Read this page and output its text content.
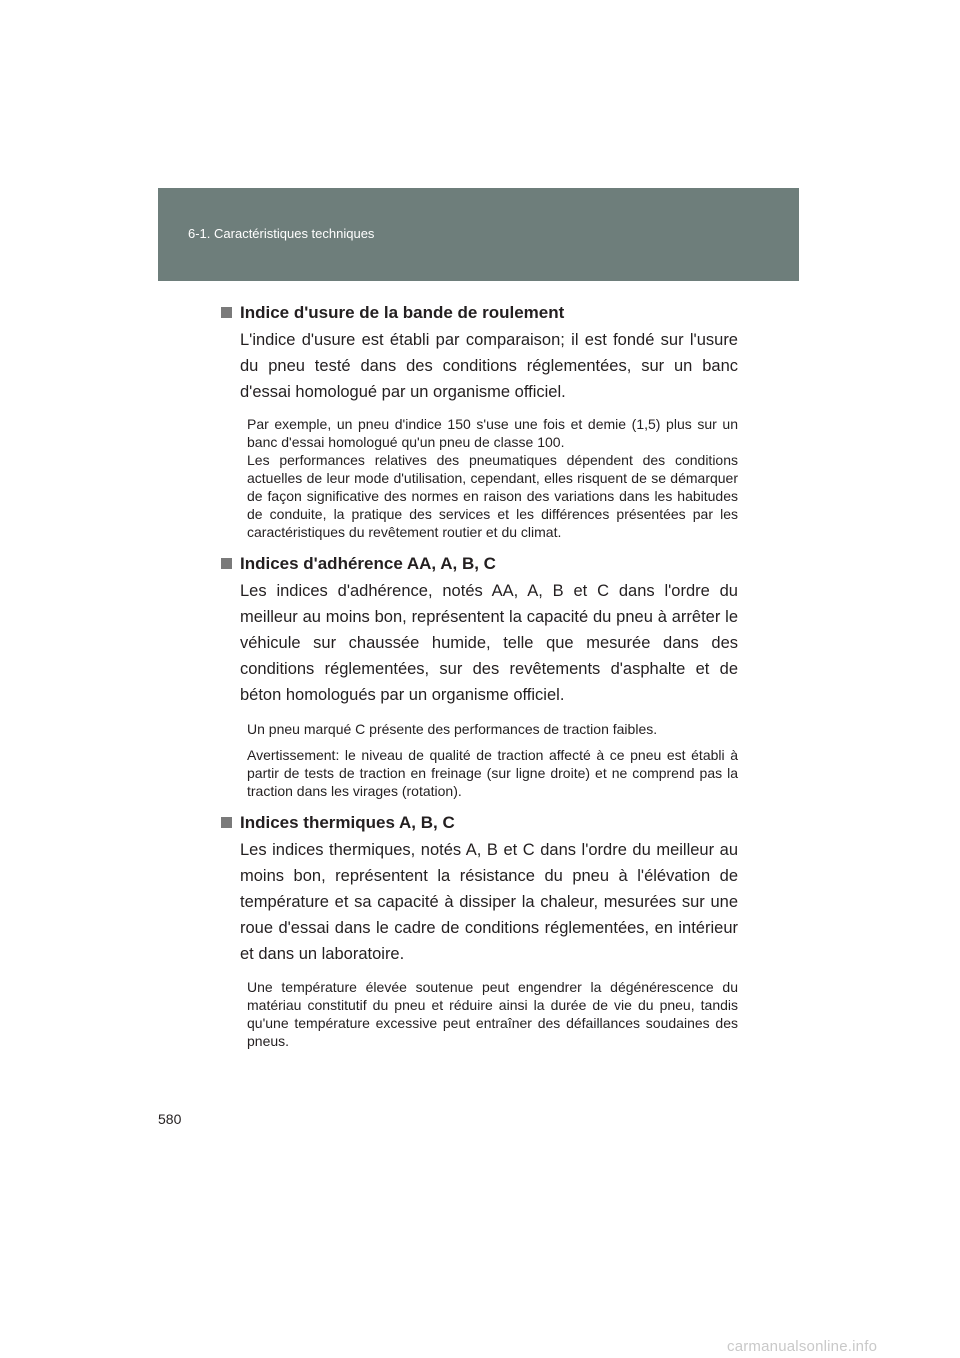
6-1. Caractéristiques techniques
Indice d'usure de la bande de roulement

L'indice d'usure est établi par comparaison; il est fondé sur l'usure du pneu testé dans des conditions réglementées, sur un banc d'essai homologué par un organisme officiel.

Par exemple, un pneu d'indice 150 s'use une fois et demie (1,5) plus sur un banc d'essai homologué qu'un pneu de classe 100.

Les performances relatives des pneumatiques dépendent des conditions actuelles de leur mode d'utilisation, cependant, elles risquent de se démarquer de façon significative des normes en raison des variations dans les habitudes de conduite, la pratique des services et les différences présentées par les caractéristiques du revêtement routier et du climat.

Indices d'adhérence AA, A, B, C

Les indices d'adhérence, notés AA, A, B et C dans l'ordre du meilleur au moins bon, représentent la capacité du pneu à arrêter le véhicule sur chaussée humide, telle que mesurée dans des conditions réglementées, sur des revêtements d'asphalte et de béton homologués par un organisme officiel.

Un pneu marqué C présente des performances de traction faibles.

Avertissement: le niveau de qualité de traction affecté à ce pneu est établi à partir de tests de traction en freinage (sur ligne droite) et ne comprend pas la traction dans les virages (rotation).

Indices thermiques A, B, C

Les indices thermiques, notés A, B et C dans l'ordre du meilleur au moins bon, représentent la résistance du pneu à l'élévation de température et sa capacité à dissiper la chaleur, mesurées sur une roue d'essai dans le cadre de conditions réglementées, en intérieur et dans un laboratoire.

Une température élevée soutenue peut engendrer la dégénérescence du matériau constitutif du pneu et réduire ainsi la durée de vie du pneu, tandis qu'une température excessive peut entraîner des défaillances soudaines des pneus.

580
carmanualsonline.info
